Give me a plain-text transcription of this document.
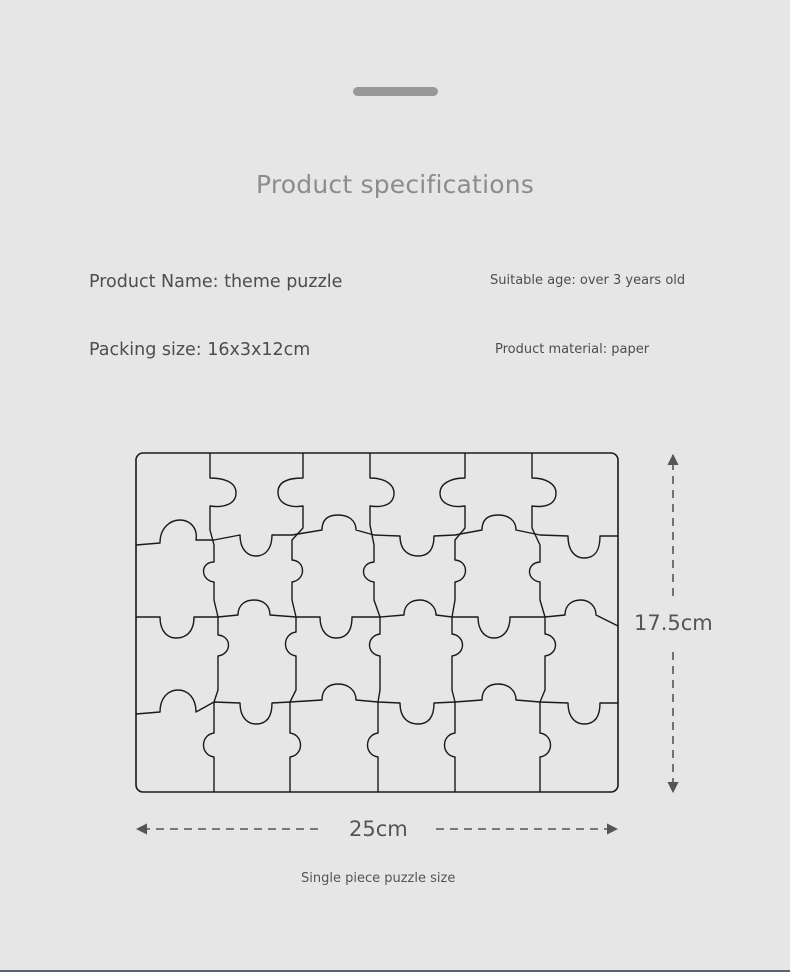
Product specifications
Product Name: theme puzzle	Suitable age: over 3 years old
Packing size: 16x3x12cm	Product material: paper
25cm
17.5cm
Single piece puzzle size
